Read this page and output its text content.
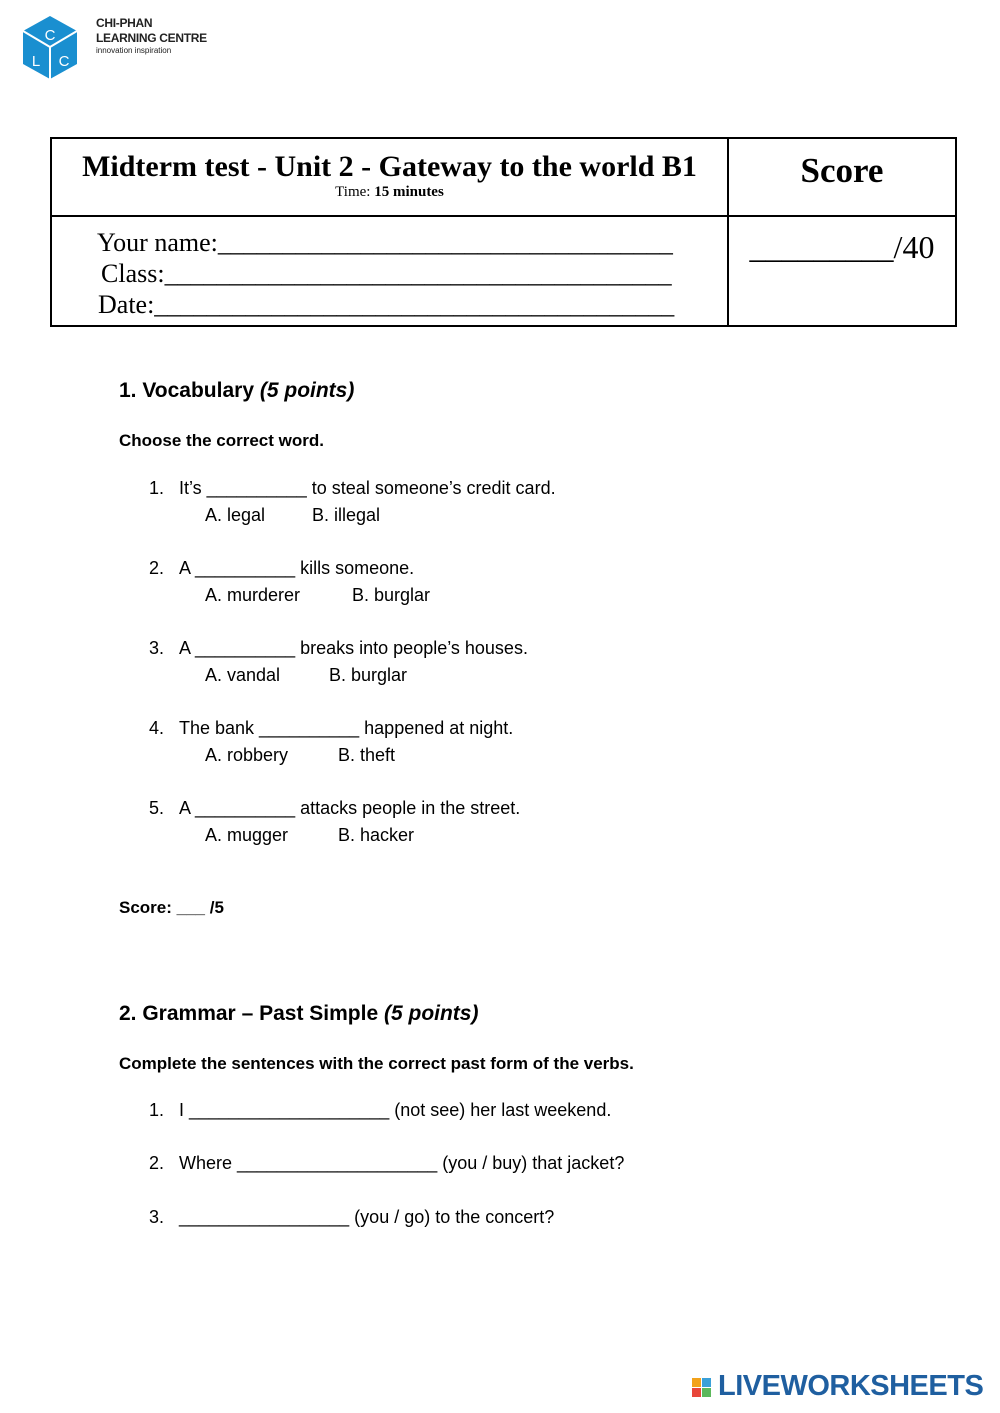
C
L C
CHI-PHAN
LEARNING CENTRE
innovation inspiration
Midterm test - Unit 2 - Gateway to the world B1
Time: 15 minutes	Score

Your name:___________________________________
Class:_______________________________________
Date:________________________________________	_________/40
1. Vocabulary (5 points)
Choose the correct word.
1. It’s __________ to steal someone’s credit card.
A. legal	B. illegal
2. A __________ kills someone.
A. murderer	B. burglar
3. A __________ breaks into people’s houses.
A. vandal	B. burglar
4. The bank __________ happened at night.
A. robbery	B. theft
5. A __________ attacks people in the street.
A. mugger	B. hacker
Score: ___ /5
2. Grammar – Past Simple (5 points)
Complete the sentences with the correct past form of the verbs.
1. I ____________________ (not see) her last weekend.
2. Where ____________________ (you / buy) that jacket?
3. _________________ (you / go) to the concert?
LIVEWORKSHEETS
